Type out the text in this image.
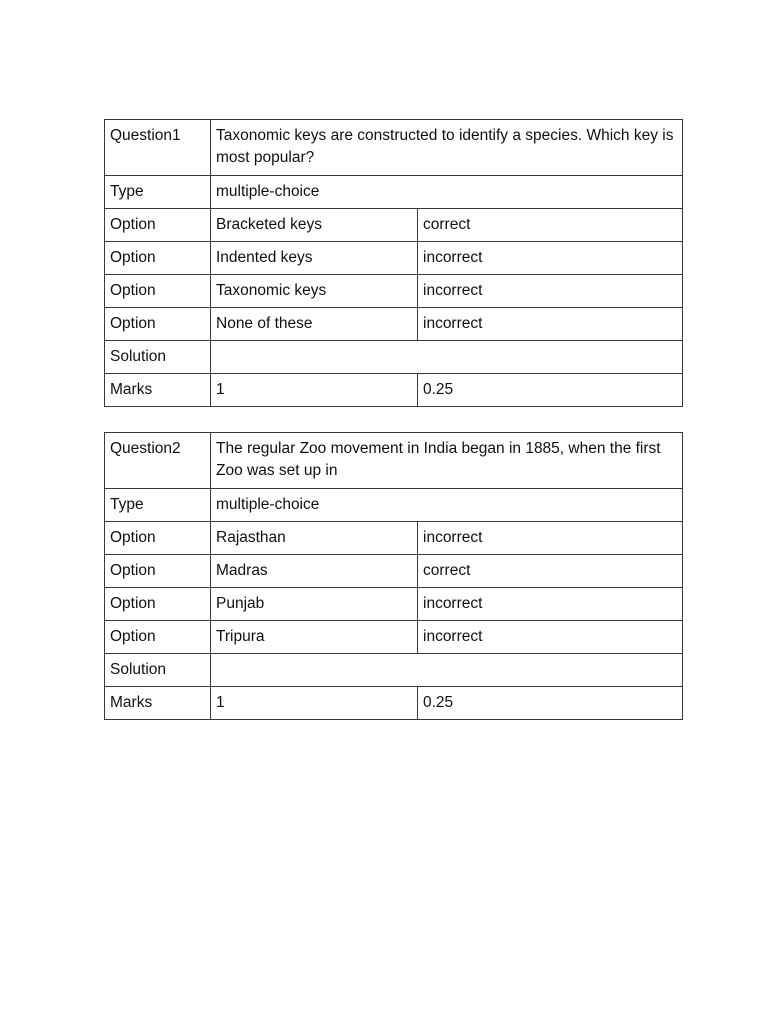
Question1	Taxonomic keys are constructed to identify a species. Which key is most popular?	
Type	multiple-choice	
Option	Bracketed keys	correct
Option	Indented keys	incorrect
Option	Taxonomic keys	incorrect
Option	None of these	incorrect
Solution		
Marks	1	0.25
Question2	The regular Zoo movement in India began in 1885, when the first Zoo was set up in	
Type	multiple-choice	
Option	Rajasthan	incorrect
Option	Madras	correct
Option	Punjab	incorrect
Option	Tripura	incorrect
Solution		
Marks	1	0.25
